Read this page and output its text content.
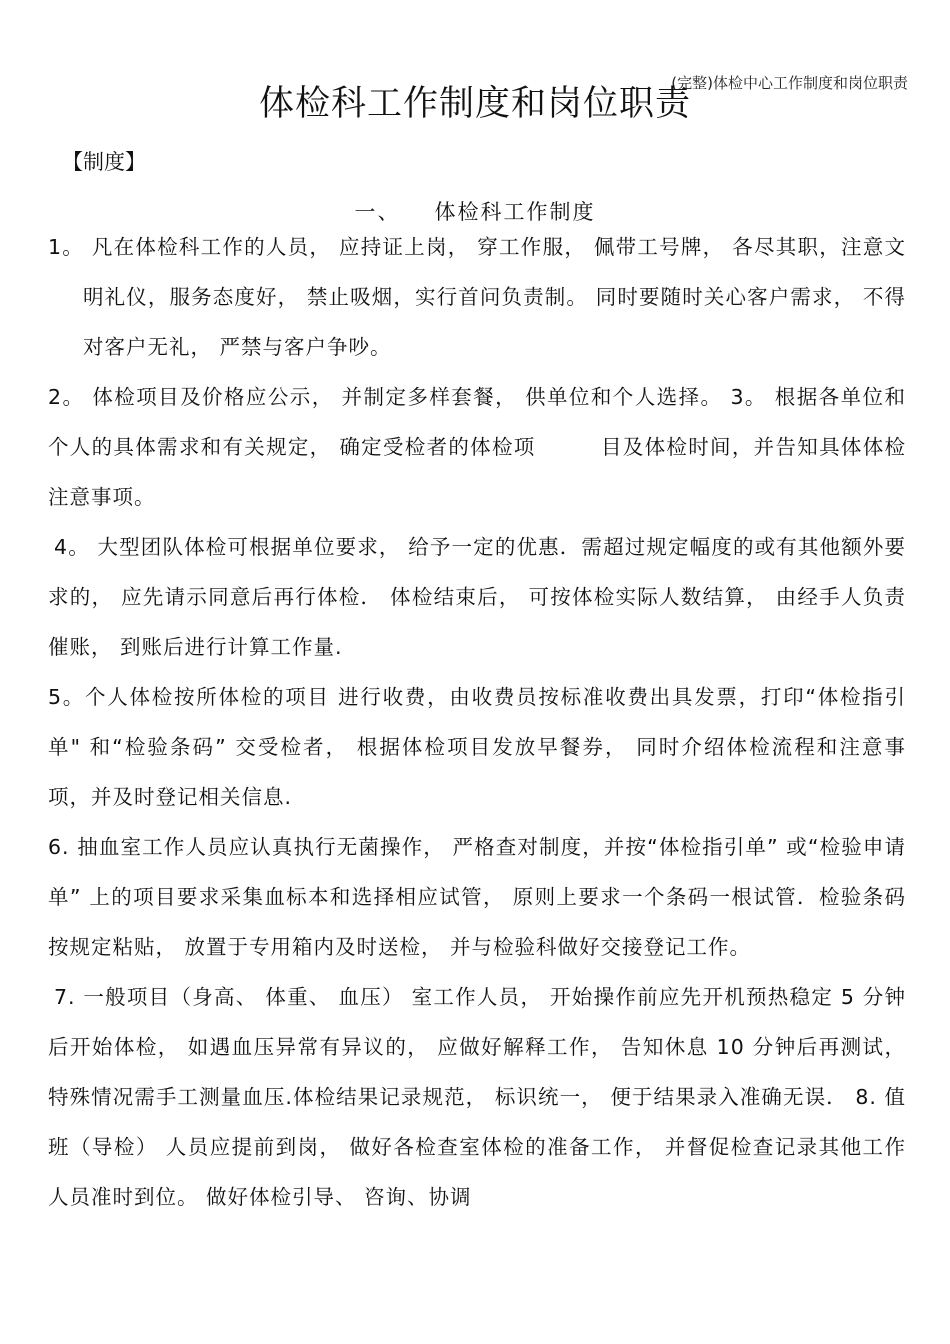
(完整)体检中心工作制度和岗位职责
体检科工作制度和岗位职责
【制度】
一、 体检科工作制度

1。 凡在体检科工作的人员， 应持证上岗， 穿工作服， 佩带工号牌， 各尽其职，注意文明礼仪，服务态度好， 禁止吸烟，实行首问负责制。 同时要随时关心客户需求， 不得对客户无礼， 严禁与客户争吵。

2。 体检项目及价格应公示， 并制定多样套餐， 供单位和个人选择。 3。 根据各单位和个人的具体需求和有关规定， 确定受检者的体检项　　　目及体检时间，并告知具体体检注意事项。

4。 大型团队体检可根据单位要求， 给予一定的优惠．需超过规定幅度的或有其他额外要求的， 应先请示同意后再行体检． 体检结束后， 可按体检实际人数结算， 由经手人负责催账， 到账后进行计算工作量.

5。个人体检按所体检的项目 进行收费，由收费员按标准收费出具发票，打印“体检指引单" 和“检验条码” 交受检者， 根据体检项目发放早餐券， 同时介绍体检流程和注意事项，并及时登记相关信息.

6. 抽血室工作人员应认真执行无菌操作， 严格查对制度，并按“体检指引单” 或“检验申请单” 上的项目要求采集血标本和选择相应试管， 原则上要求一个条码一根试管．检验条码按规定粘贴， 放置于专用箱内及时送检， 并与检验科做好交接登记工作。

7. 一般项目（身高、 体重、 血压） 室工作人员， 开始操作前应先开机预热稳定 5 分钟后开始体检， 如遇血压异常有异议的， 应做好解释工作， 告知休息 10 分钟后再测试，特殊情况需手工测量血压.体检结果记录规范， 标识统一， 便于结果录入准确无误． 8. 值班（导检） 人员应提前到岗， 做好各检查室体检的准备工作， 并督促检查记录其他工作人员准时到位。 做好体检引导、 咨询、协调
